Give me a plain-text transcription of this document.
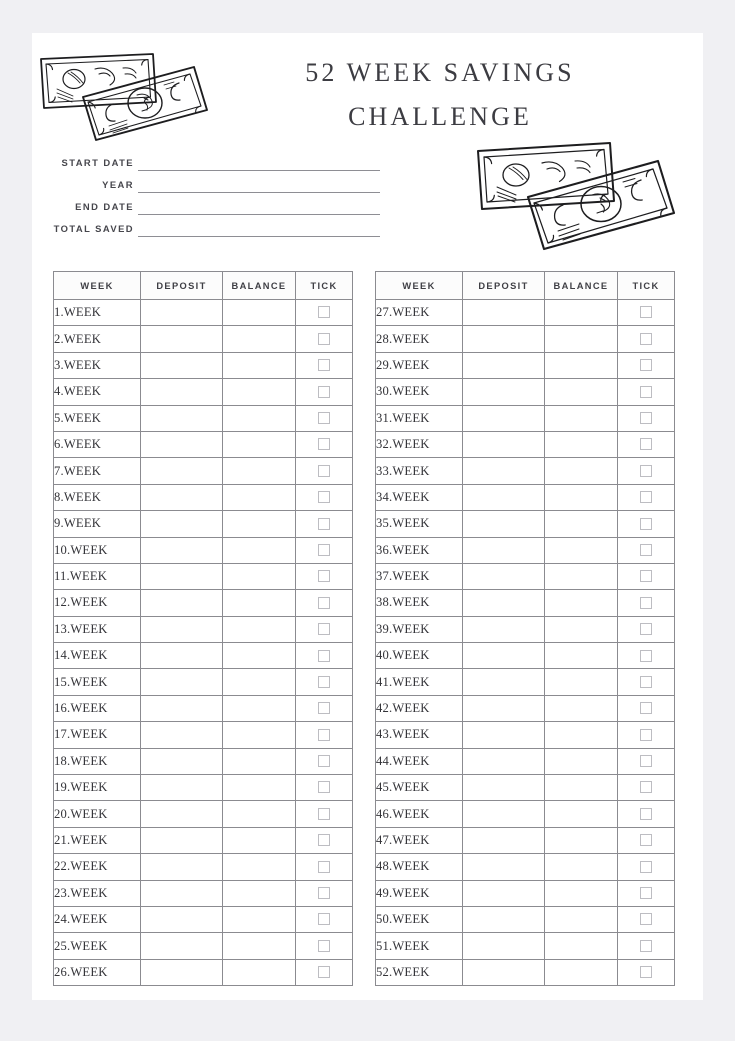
52 WEEK SAVINGS
CHALLENGE
START DATE
YEAR
END DATE
TOTAL SAVED
WEEK	DEPOSIT	BALANCE	TICK
1.WEEK			
2.WEEK			
3.WEEK			
4.WEEK			
5.WEEK			
6.WEEK			
7.WEEK			
8.WEEK			
9.WEEK			
10.WEEK			
11.WEEK			
12.WEEK			
13.WEEK			
14.WEEK			
15.WEEK			
16.WEEK			
17.WEEK			
18.WEEK			
19.WEEK			
20.WEEK			
21.WEEK			
22.WEEK			
23.WEEK			
24.WEEK			
25.WEEK			
26.WEEK			
WEEK	DEPOSIT	BALANCE	TICK
27.WEEK			
28.WEEK			
29.WEEK			
30.WEEK			
31.WEEK			
32.WEEK			
33.WEEK			
34.WEEK			
35.WEEK			
36.WEEK			
37.WEEK			
38.WEEK			
39.WEEK			
40.WEEK			
41.WEEK			
42.WEEK			
43.WEEK			
44.WEEK			
45.WEEK			
46.WEEK			
47.WEEK			
48.WEEK			
49.WEEK			
50.WEEK			
51.WEEK			
52.WEEK			
